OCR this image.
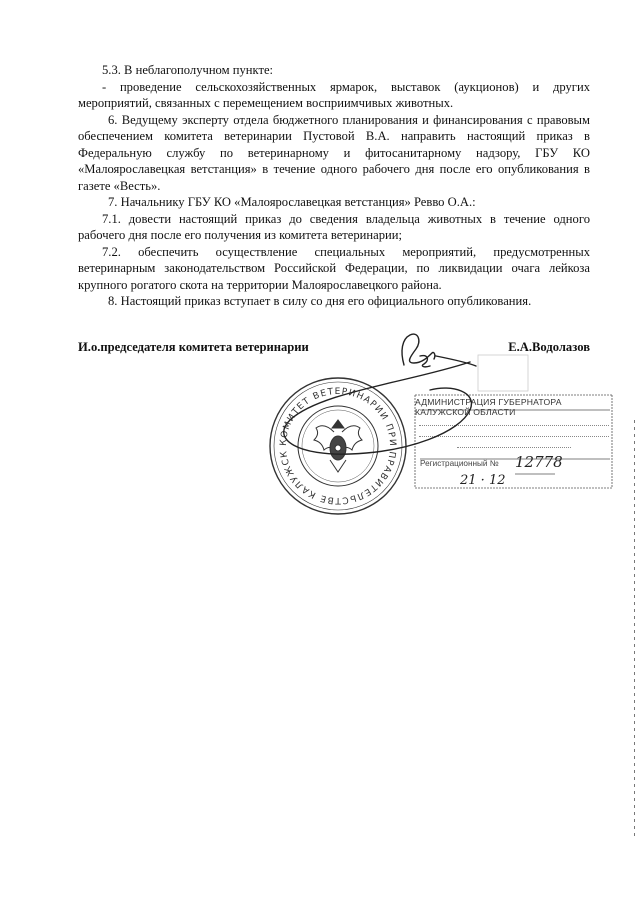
5.3. В неблагополучном пункте:

- проведение сельскохозяйственных ярмарок, выставок (аукционов) и других мероприятий, связанных с перемещением восприимчивых животных.

6. Ведущему эксперту отдела бюджетного планирования и финансирования с правовым обеспечением комитета ветеринарии Пустовой В.А. направить настоящий приказ в Федеральную службу по ветеринарному и фитосанитарному надзору, ГБУ КО «Малоярославецкая ветстанция» в течение одного рабочего дня после его опубликования в газете «Весть».

7. Начальнику ГБУ КО «Малоярославецкая ветстанция» Ревво О.А.:

7.1. довести настоящий приказ до сведения владельца животных в течение одного рабочего дня после его получения из комитета ветеринарии;

7.2. обеспечить осуществление специальных мероприятий, предусмотренных ветеринарным законодательством Российской Федерации, по ликвидации очага лейкоза крупного рогатого скота на территории Малоярославецкого района.

8. Настоящий приказ вступает в силу со дня его официального опубликования.

И.о.председателя комитета ветеринарии	Е.А.Водолазов
АДМИНИСТРАЦИЯ ГУБЕРНАТОРА КАЛУЖСКОЙ ОБЛАСТИ
Регистрационный № 12778
21 · 12
КОМИТЕТ ВЕТЕРИНАРИИ ПРИ ПРАВИТЕЛЬСТВЕ КАЛУЖСК
